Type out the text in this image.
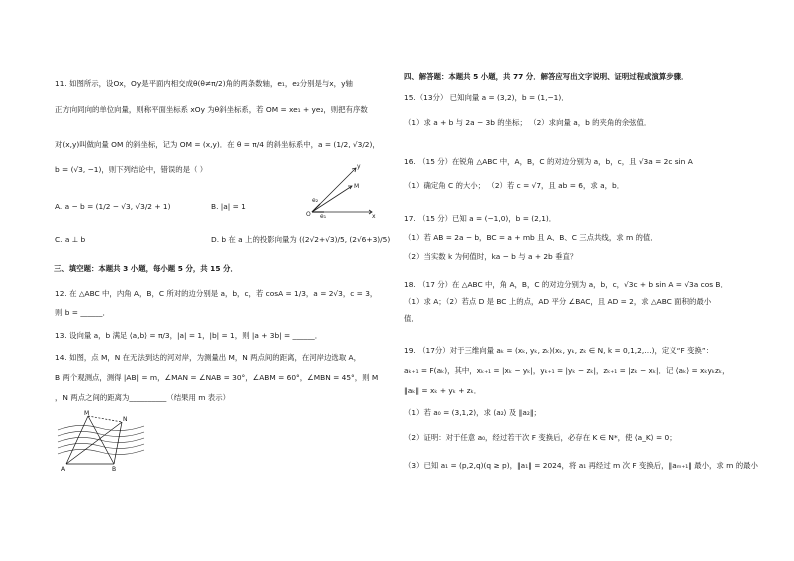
11. 如图所示，设Ox，Oy是平面内相交成θ(θ≠π/2)角的两条数轴，e₁，e₂分别是与x，y轴
正方向同向的单位向量，则称平面坐标系 xOy 为θ斜坐标系，若 OM = xe₁ + ye₂，则把有序数
对(x,y)叫做向量 OM 的斜坐标，记为 OM = (x,y)．在 θ = π/4 的斜坐标系中，a = (1/2, √3/2)，
b = (√3, −1)，则下列结论中，错误的是（ ）
A. a − b = (1/2 − √3, √3/2 + 1)	B. |a| = 1
C. a ⊥ b	D. b 在 a 上的投影向量为 ((2√2+√3)/5, (2√6+3)/5)
三、填空题：本题共 3 小题，每小题 5 分，共 15 分．
12. 在 △ABC 中，内角 A，B，C 所对的边分别是 a，b，c，若 cosA = 1/3，a = 2√3，c = 3，
则 b = ______．
13. 设向量 a，b 满足 ⟨a,b⟩ = π/3，|a| = 1，|b| = 1，则 |a + 3b| = ______．
14. 如图，点 M，N 在无法到达的河对岸，为测量出 M，N 两点间的距离，在河岸边选取 A，
B 两个观测点，测得 |AB| = m，∠MAN = ∠NAB = 30°，∠ABM = 60°，∠MBN = 45°，则 M
，N 两点之间的距离为__________（结果用 m 表示）
O	x
y
M
e₁
e₂
M
N
A	B
四、解答题：本题共 5 小题，共 77 分．解答应写出文字说明、证明过程或演算步骤．
15.（13分） 已知向量 a = (3,2)，b = (1,−1)．
（1）求 a + b 与 2a − 3b 的坐标； （2）求向量 a，b 的夹角的余弦值．
16. （15 分）在锐角 △ABC 中，A，B，C 的对边分别为 a，b，c，且 √3a = 2c sin A
（1）确定角 C 的大小； （2）若 c = √7，且 ab = 6，求 a，b．
17. （15 分）已知 a = (−1,0)，b = (2,1)．
（1）若 AB = 2a − b，BC = a + mb 且 A、B、C 三点共线，求 m 的值．
（2）当实数 k 为何值时，ka − b 与 a + 2b 垂直？
18. （17 分）在 △ABC 中，角 A，B，C 的对边分别为 a，b，c，√3c + b sin A = √3a cos B．
（1）求 A；（2）若点 D 是 BC 上的点，AD 平分 ∠BAC，且 AD = 2，求 △ABC 面积的最小
值．
19. （17分）对于三维向量 aₖ = (xₖ, yₖ, zₖ)(xₖ, yₖ, zₖ ∈ N, k = 0,1,2,…)，定义“F 变换”：
aₖ₊₁ = F(aₖ)，其中，xₖ₊₁ = |xₖ − yₖ|，yₖ₊₁ = |yₖ − zₖ|，zₖ₊₁ = |zₖ − xₖ|．记 ⟨aₖ⟩ = xₖyₖzₖ，
‖aₖ‖ = xₖ + yₖ + zₖ．
（1）若 a₀ = (3,1,2)，求 ⟨a₂⟩ 及 ‖a₂‖；
（2）证明：对于任意 a₀，经过若干次 F 变换后，必存在 K ∈ N*，使 ⟨a_K⟩ = 0；
（3）已知 a₁ = (p,2,q)(q ≥ p)，‖a₁‖ = 2024，将 a₁ 再经过 m 次 F 变换后，‖aₘ₊₁‖ 最小，求 m 的最小
